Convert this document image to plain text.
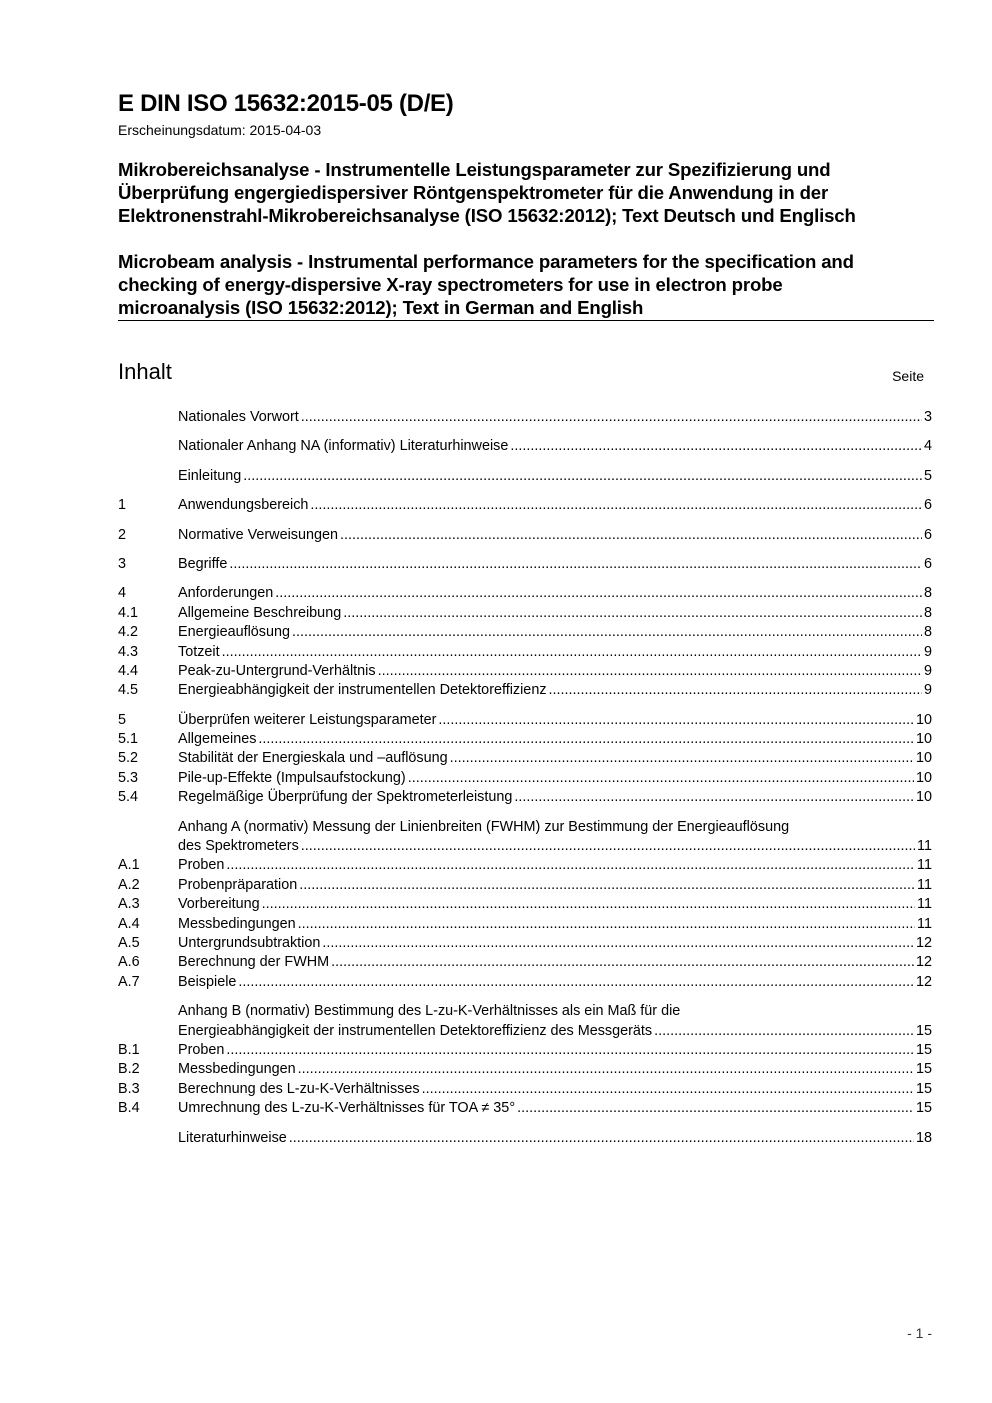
E DIN ISO 15632:2015-05 (D/E)
Erscheinungsdatum: 2015-04-03
Mikrobereichsanalyse - Instrumentelle Leistungsparameter zur Spezifizierung und
Überprüfung engergiedispersiver Röntgenspektrometer für die Anwendung in der
Elektronenstrahl-Mikrobereichsanalyse (ISO 15632:2012); Text Deutsch und Englisch
Microbeam analysis - Instrumental performance parameters for the specification and
checking of energy-dispersive X-ray spectrometers for use in electron probe
microanalysis (ISO 15632:2012); Text in German and English
Inhalt	Seite
Nationales Vorwort .....	3
Nationaler Anhang NA (informativ) Literaturhinweise .....	4
Einleitung .....	5
1	Anwendungsbereich .....	6
2	Normative Verweisungen .....	6
3	Begriffe .....	6
4	Anforderungen .....	8
4.1	Allgemeine Beschreibung .....	8
4.2	Energieauflösung .....	8
4.3	Totzeit .....	9
4.4	Peak-zu-Untergrund-Verhältnis .....	9
4.5	Energieabhängigkeit der instrumentellen Detektoreffizienz .....	9
5	Überprüfen weiterer Leistungsparameter .....	10
5.1	Allgemeines .....	10
5.2	Stabilität der Energieskala und –auflösung .....	10
5.3	Pile-up-Effekte (Impulsaufstockung) .....	10
5.4	Regelmäßige Überprüfung der Spektrometerleistung .....	10
Anhang A (normativ) Messung der Linienbreiten (FWHM) zur Bestimmung der Energieauflösung
des Spektrometers .....	11
A.1	Proben .....	11
A.2	Probenpräparation .....	11
A.3	Vorbereitung .....	11
A.4	Messbedingungen .....	11
A.5	Untergrundsubtraktion .....	12
A.6	Berechnung der FWHM .....	12
A.7	Beispiele .....	12
Anhang B (normativ) Bestimmung des L-zu-K-Verhältnisses als ein Maß für die
Energieabhängigkeit der instrumentellen Detektoreffizienz des Messgeräts .....	15
B.1	Proben .....	15
B.2	Messbedingungen .....	15
B.3	Berechnung des L-zu-K-Verhältnisses .....	15
B.4	Umrechnung des L-zu-K-Verhältnisses für TOA ≠ 35° .....	15
Literaturhinweise .....	18
- 1 -
